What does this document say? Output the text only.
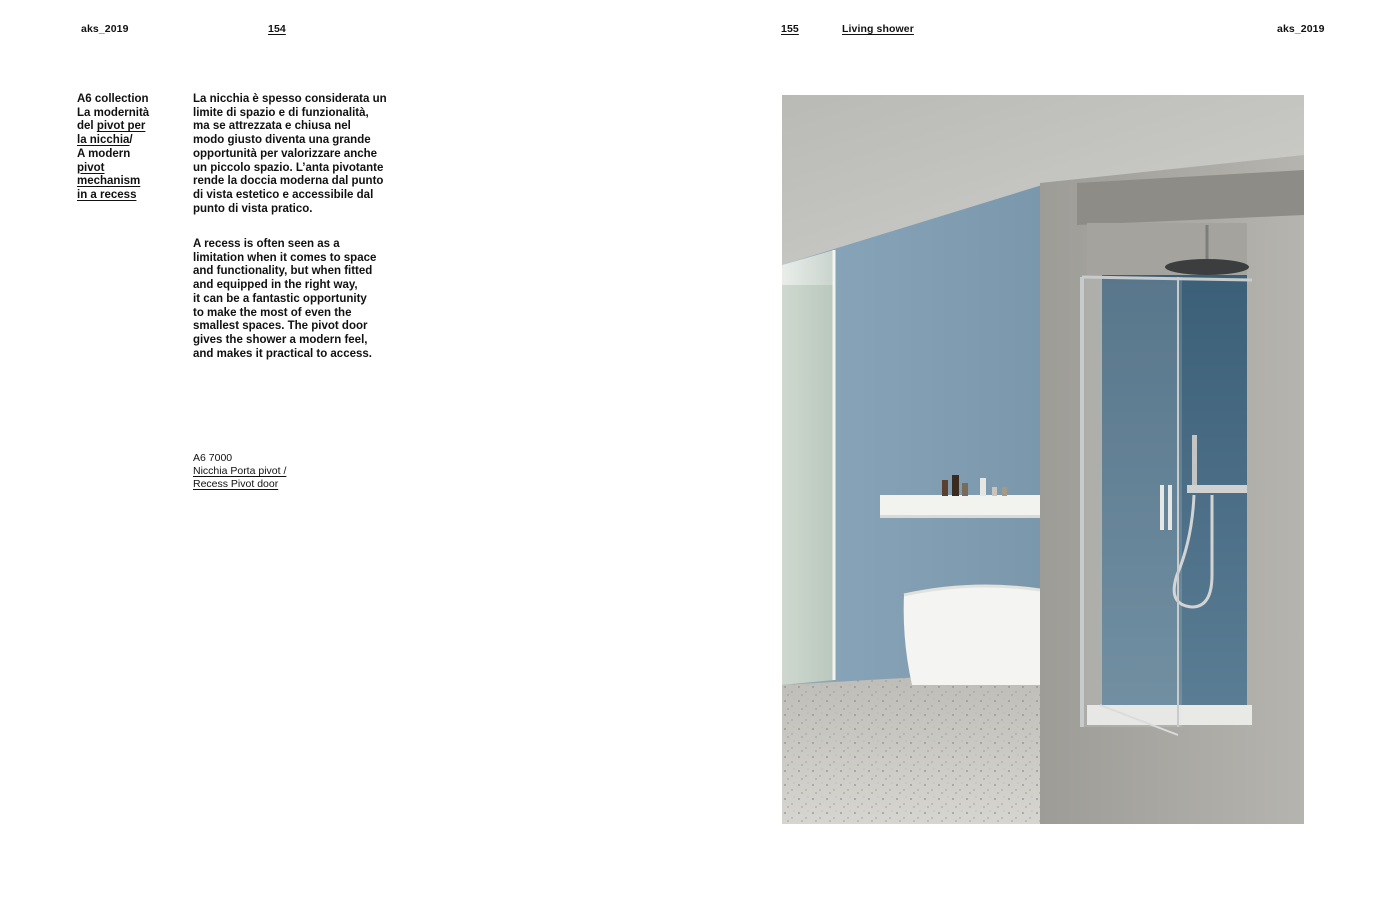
aks_2019	154	155	Living shower	aks_2019
A6 collection
La modernità
del pivot per
la nicchia/
A modern
pivot
mechanism
in a recess
La nicchia è spesso considerata un
limite di spazio e di funzionalità,
ma se attrezzata e chiusa nel
modo giusto diventa una grande
opportunità per valorizzare anche
un piccolo spazio. L’anta pivotante
rende la doccia moderna dal punto
di vista estetico e accessibile dal
punto di vista pratico.
A recess is often seen as a
limitation when it comes to space
and functionality, but when fitted
and equipped in the right way,
it can be a fantastic opportunity
to make the most of even the
smallest spaces. The pivot door
gives the shower a modern feel,
and makes it practical to access.
A6 7000
Nicchia Porta pivot /
Recess Pivot door
